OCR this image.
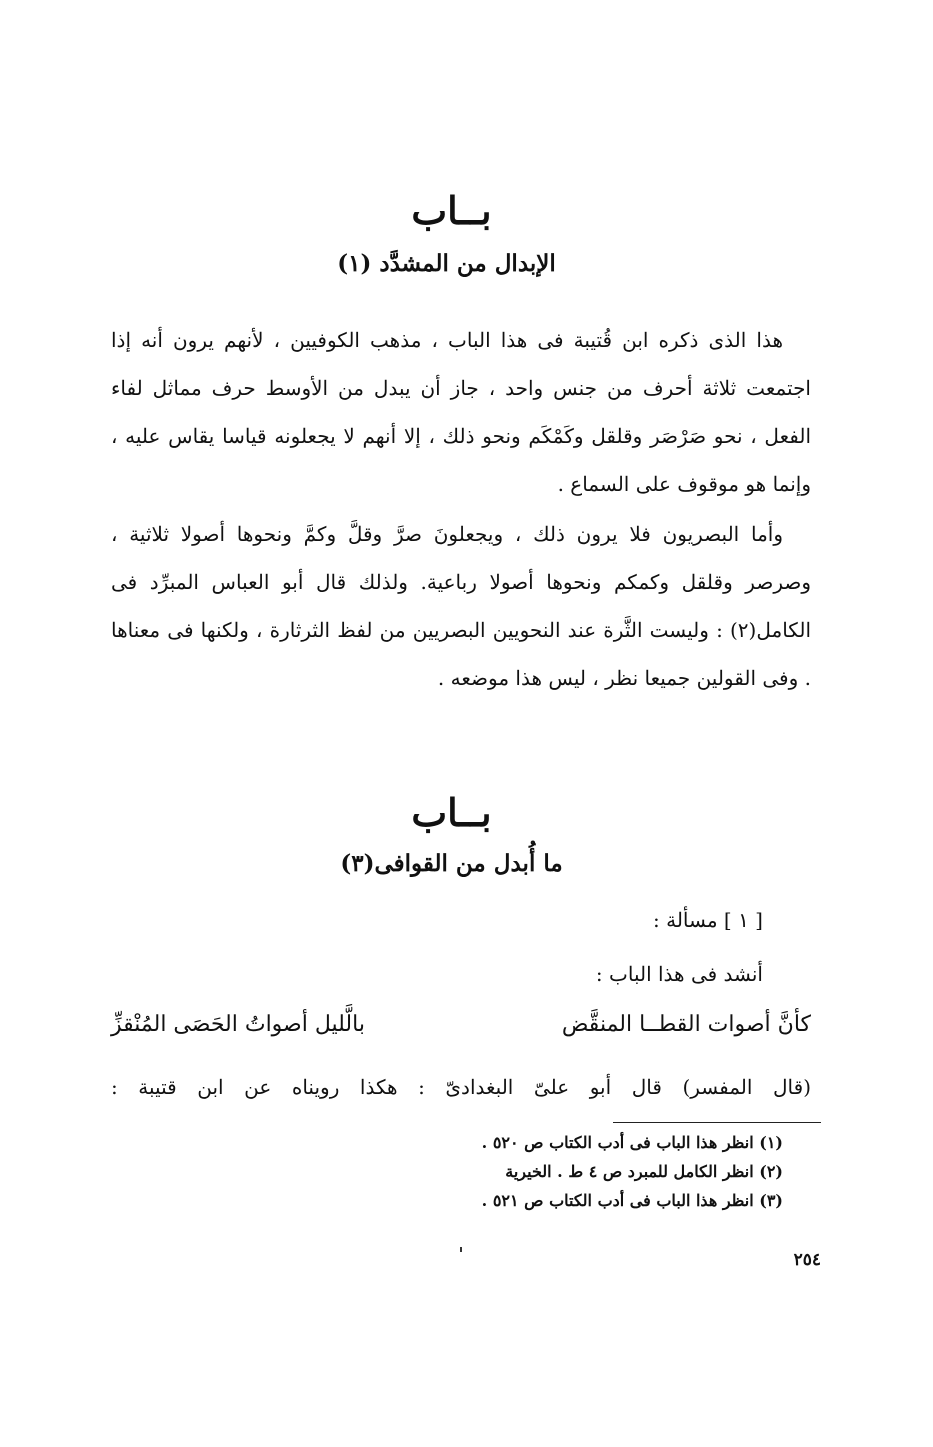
بــاب
الإبدال من المشدَّد (١)
هذا الذى ذكره ابن قُتيبة فى هذا الباب ، مذهب الكوفيين ، لأنهم يرون أنه إذا اجتمعت ثلاثة أحرف من جنس واحد ، جاز أن يبدل من الأوسط حرف مماثل لفاء الفعل ، نحو صَرْصَر وقلقل وكَمْكَم ونحو ذلك ، إلا أنهم لا يجعلونه قياسا يقاس عليه ، وإنما هو موقوف على السماع .
وأما البصريون فلا يرون ذلك ، ويجعلونَ صرَّ وقلَّ وكمَّ ونحوها أصولا ثلاثية ، وصرصر وقلقل وكمكم ونحوها أصولا رباعية. ولذلك قال أبو العباس المبرِّد فى الكامل(٢) : وليست الثَّرة عند النحويين البصريين من لفظ الثرثارة ، ولكنها فى معناها . وفى القولين جميعا نظر ، ليس هذا موضعه .
بــاب
ما أُبدل من القوافى(٣)
[ ١ ] مسألة :
أنشد فى هذا الباب :
كأنَّ أصوات القطــا المنقَّض
بالَّليل أصواتُ الحَصَى المُنْقزِّ
(قال المفسر) قال أبو علىّ البغدادىّ : هكذا رويناه عن ابن قتيبة :
(١) انظر هذا الباب فى أدب الكتاب ص ٥٢٠ .
(٢) انظر الكامل للمبرد ص ٤ ط . الخيرية
(٣) انظر هذا الباب فى أدب الكتاب ص ٥٢١ .
٢٥٤
